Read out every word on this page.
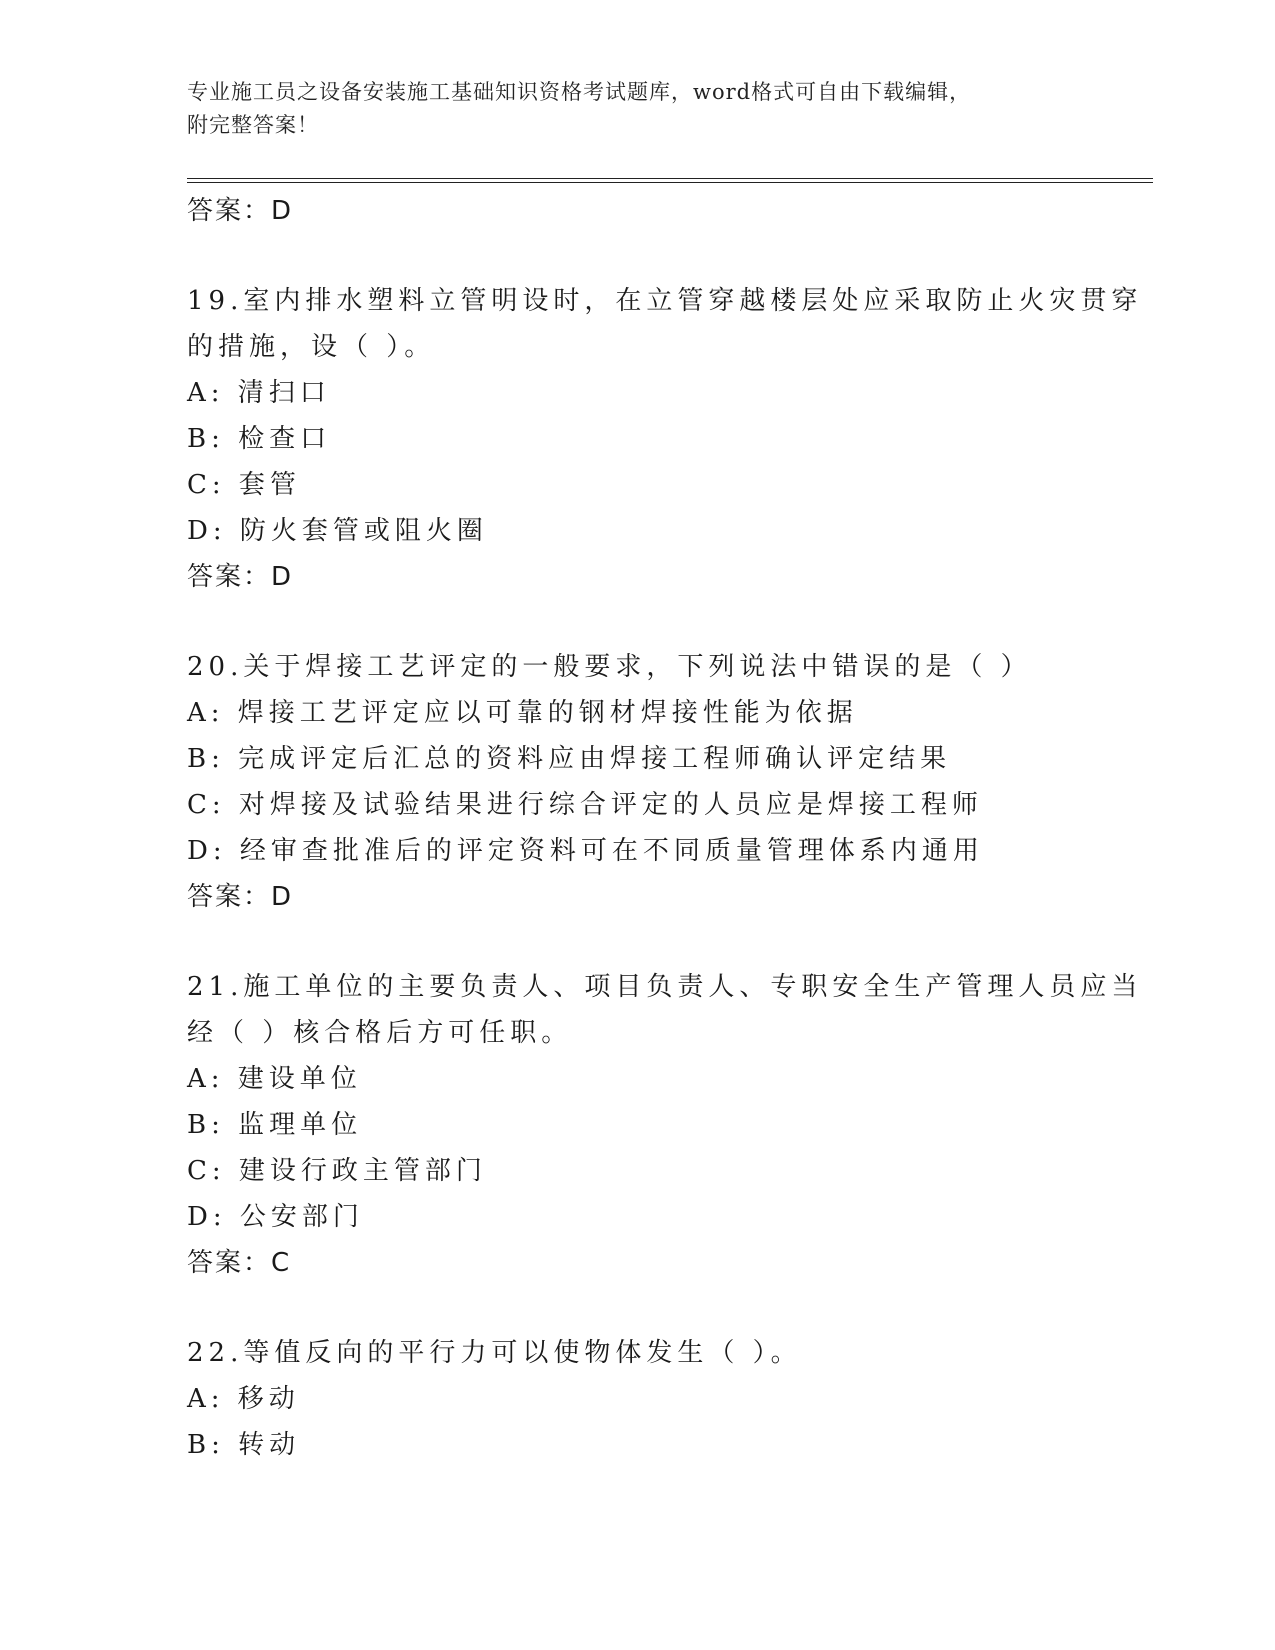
专业施工员之设备安装施工基础知识资格考试题库，word格式可自由下载编辑，
附完整答案！
答案：D
19.室内排水塑料立管明设时，在立管穿越楼层处应采取防止火灾贯穿
的措施，设（ ）。
A: 清扫口
B: 检查口
C: 套管
D: 防火套管或阻火圈
答案：D
20.关于焊接工艺评定的一般要求，下列说法中错误的是（ ）
A: 焊接工艺评定应以可靠的钢材焊接性能为依据
B: 完成评定后汇总的资料应由焊接工程师确认评定结果
C: 对焊接及试验结果进行综合评定的人员应是焊接工程师
D: 经审查批准后的评定资料可在不同质量管理体系内通用
答案：D
21.施工单位的主要负责人、项目负责人、专职安全生产管理人员应当
经（ ）核合格后方可任职。
A: 建设单位
B: 监理单位
C: 建设行政主管部门
D: 公安部门
答案：C
22.等值反向的平行力可以使物体发生（ ）。
A: 移动
B: 转动
